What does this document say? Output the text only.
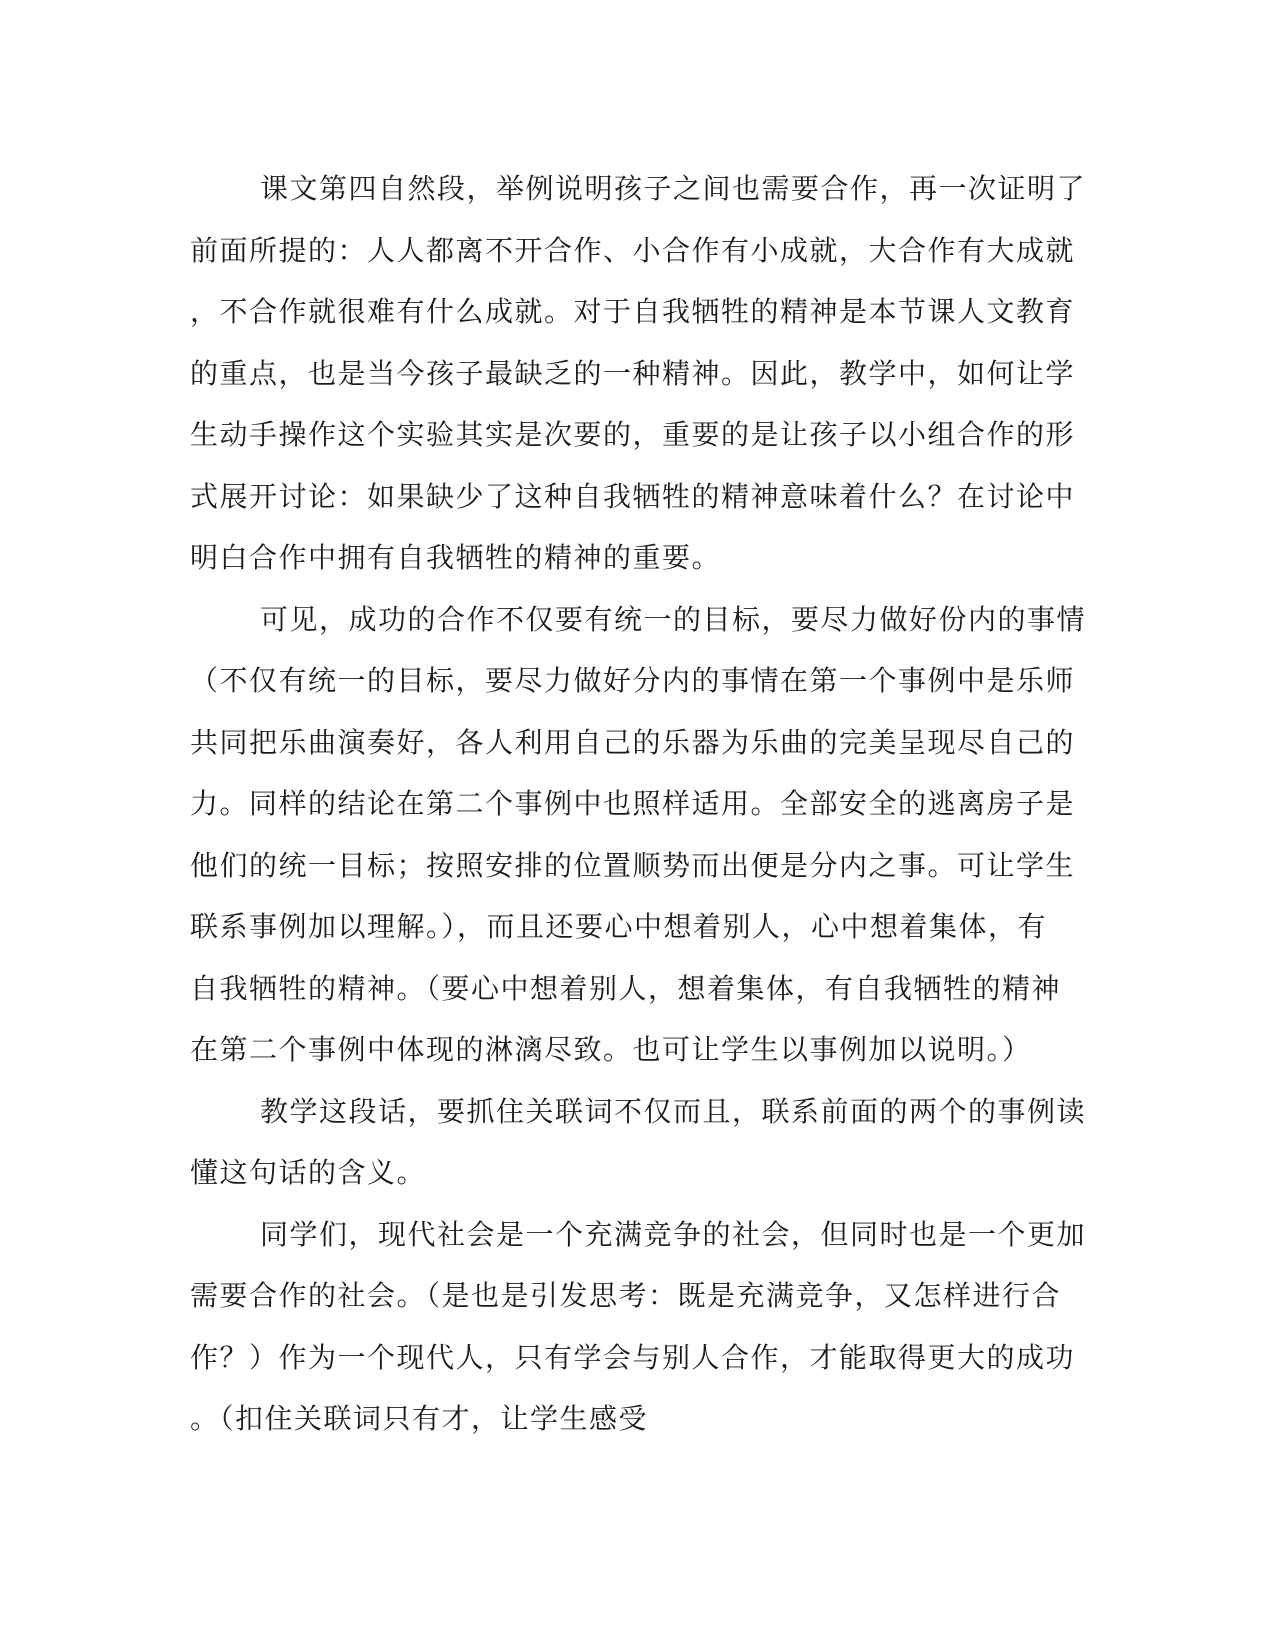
课文第四自然段，举例说明孩子之间也需要合作，再一次证明了
前面所提的：人人都离不开合作、小合作有小成就，大合作有大成就
，不合作就很难有什么成就。对于自我牺牲的精神是本节课人文教育
的重点，也是当今孩子最缺乏的一种精神。因此，教学中，如何让学
生动手操作这个实验其实是次要的，重要的是让孩子以小组合作的形
式展开讨论：如果缺少了这种自我牺牲的精神意味着什么？在讨论中
明白合作中拥有自我牺牲的精神的重要。
可见，成功的合作不仅要有统一的目标，要尽力做好份内的事情
（不仅有统一的目标，要尽力做好分内的事情在第一个事例中是乐师
共同把乐曲演奏好，各人利用自己的乐器为乐曲的完美呈现尽自己的
力。同样的结论在第二个事例中也照样适用。全部安全的逃离房子是
他们的统一目标；按照安排的位置顺势而出便是分内之事。可让学生
联系事例加以理解。），而且还要心中想着别人，心中想着集体，有
自我牺牲的精神。（要心中想着别人，想着集体，有自我牺牲的精神
在第二个事例中体现的淋漓尽致。也可让学生以事例加以说明。）
教学这段话，要抓住关联词不仅而且，联系前面的两个的事例读
懂这句话的含义。
同学们，现代社会是一个充满竞争的社会，但同时也是一个更加
需要合作的社会。（是也是引发思考：既是充满竞争，又怎样进行合
作？）作为一个现代人，只有学会与别人合作，才能取得更大的成功
。（扣住关联词只有才，让学生感受
